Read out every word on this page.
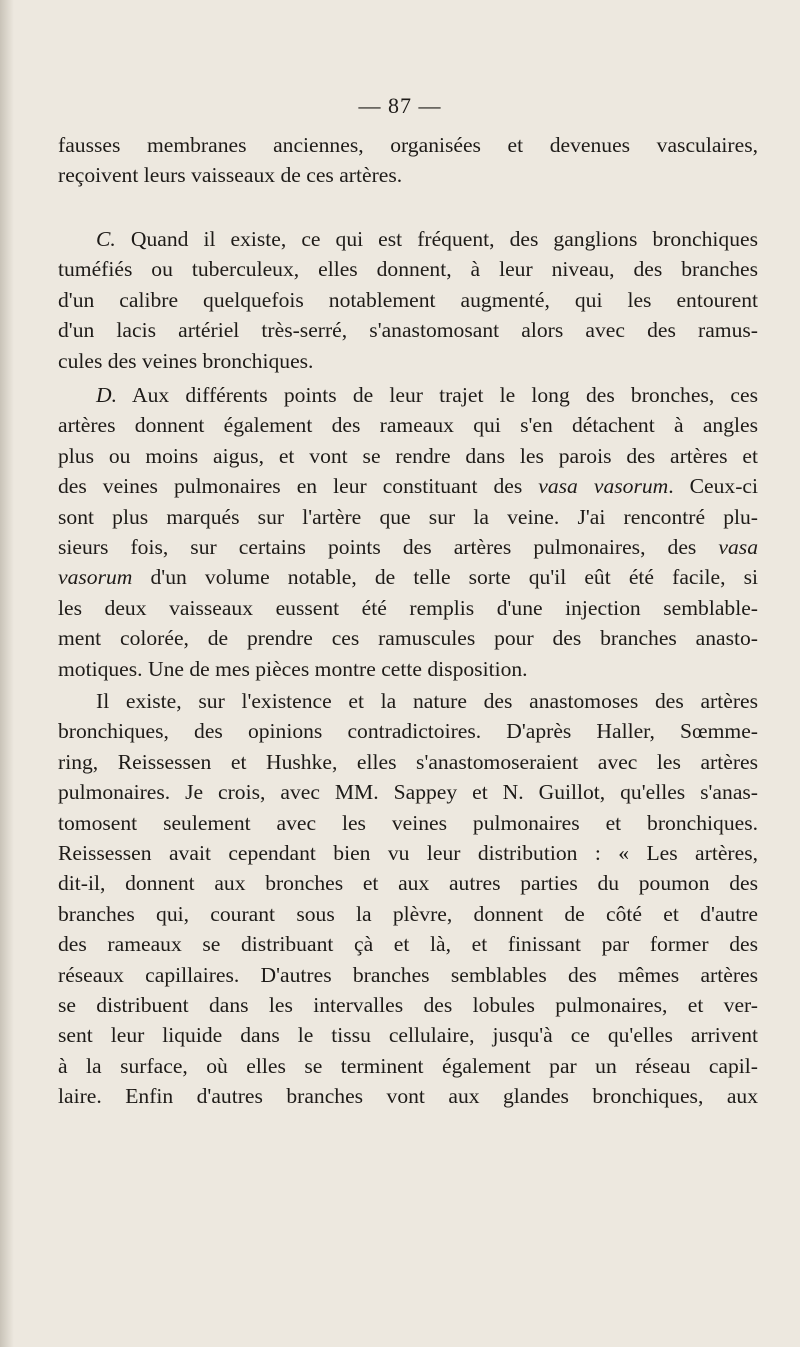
— 87 —
fausses membranes anciennes, organisées et devenues vasculaires,
reçoivent leurs vaisseaux de ces artères.
C. Quand il existe, ce qui est fréquent, des ganglions bronchiques
tuméfiés ou tuberculeux, elles donnent, à leur niveau, des branches
d'un calibre quelquefois notablement augmenté, qui les entourent
d'un lacis artériel très-serré, s'anastomosant alors avec des ramus-
cules des veines bronchiques.
D. Aux différents points de leur trajet le long des bronches, ces
artères donnent également des rameaux qui s'en détachent à angles
plus ou moins aigus, et vont se rendre dans les parois des artères et
des veines pulmonaires en leur constituant des vasa vasorum. Ceux-ci
sont plus marqués sur l'artère que sur la veine. J'ai rencontré plu-
sieurs fois, sur certains points des artères pulmonaires, des vasa
vasorum d'un volume notable, de telle sorte qu'il eût été facile, si
les deux vaisseaux eussent été remplis d'une injection semblable-
ment colorée, de prendre ces ramuscules pour des branches anasto-
motiques. Une de mes pièces montre cette disposition.
Il existe, sur l'existence et la nature des anastomoses des artères
bronchiques, des opinions contradictoires. D'après Haller, Sœmme-
ring, Reissessen et Hushke, elles s'anastomoseraient avec les artères
pulmonaires. Je crois, avec MM. Sappey et N. Guillot, qu'elles s'anas-
tomosent seulement avec les veines pulmonaires et bronchiques.
Reissessen avait cependant bien vu leur distribution : « Les artères,
dit-il, donnent aux bronches et aux autres parties du poumon des
branches qui, courant sous la plèvre, donnent de côté et d'autre
des rameaux se distribuant çà et là, et finissant par former des
réseaux capillaires. D'autres branches semblables des mêmes artères
se distribuent dans les intervalles des lobules pulmonaires, et ver-
sent leur liquide dans le tissu cellulaire, jusqu'à ce qu'elles arrivent
à la surface, où elles se terminent également par un réseau capil-
laire. Enfin d'autres branches vont aux glandes bronchiques, aux
